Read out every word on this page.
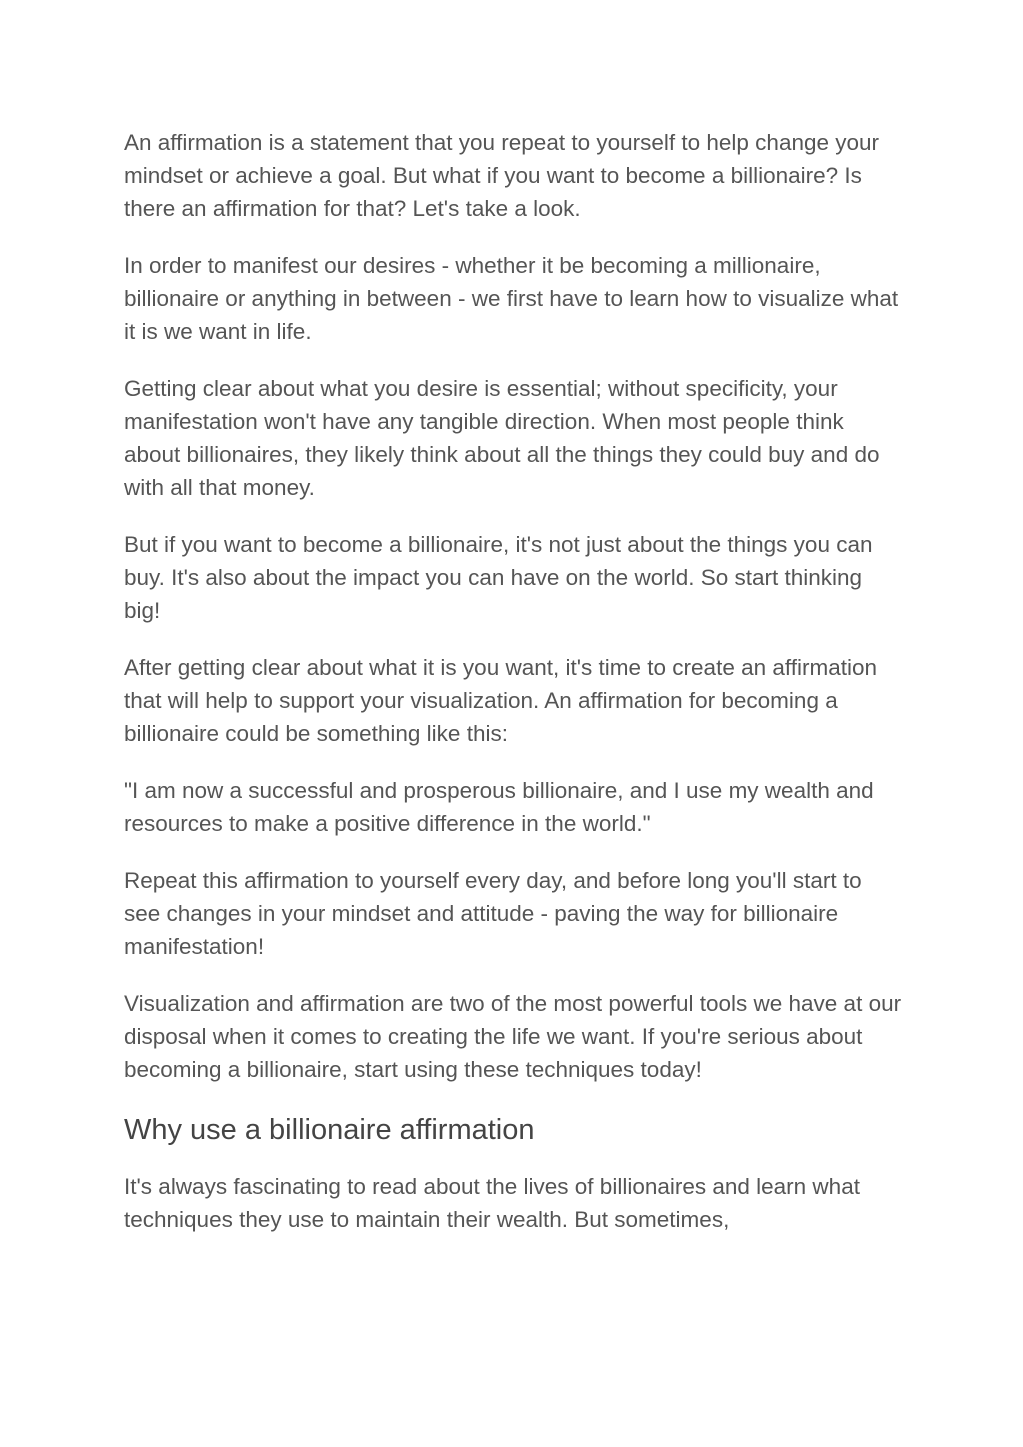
An affirmation is a statement that you repeat to yourself to help change your mindset or achieve a goal. But what if you want to become a billionaire? Is there an affirmation for that? Let's take a look.

In order to manifest our desires - whether it be becoming a millionaire, billionaire or anything in between - we first have to learn how to visualize what it is we want in life.

Getting clear about what you desire is essential; without specificity, your manifestation won't have any tangible direction. When most people think about billionaires, they likely think about all the things they could buy and do with all that money.

But if you want to become a billionaire, it's not just about the things you can buy. It's also about the impact you can have on the world. So start thinking big!

After getting clear about what it is you want, it's time to create an affirmation that will help to support your visualization. An affirmation for becoming a billionaire could be something like this:

"I am now a successful and prosperous billionaire, and I use my wealth and resources to make a positive difference in the world."

Repeat this affirmation to yourself every day, and before long you'll start to see changes in your mindset and attitude - paving the way for billionaire manifestation!

Visualization and affirmation are two of the most powerful tools we have at our disposal when it comes to creating the life we want. If you're serious about becoming a billionaire, start using these techniques today!

Why use a billionaire affirmation

It's always fascinating to read about the lives of billionaires and learn what techniques they use to maintain their wealth. But sometimes,
